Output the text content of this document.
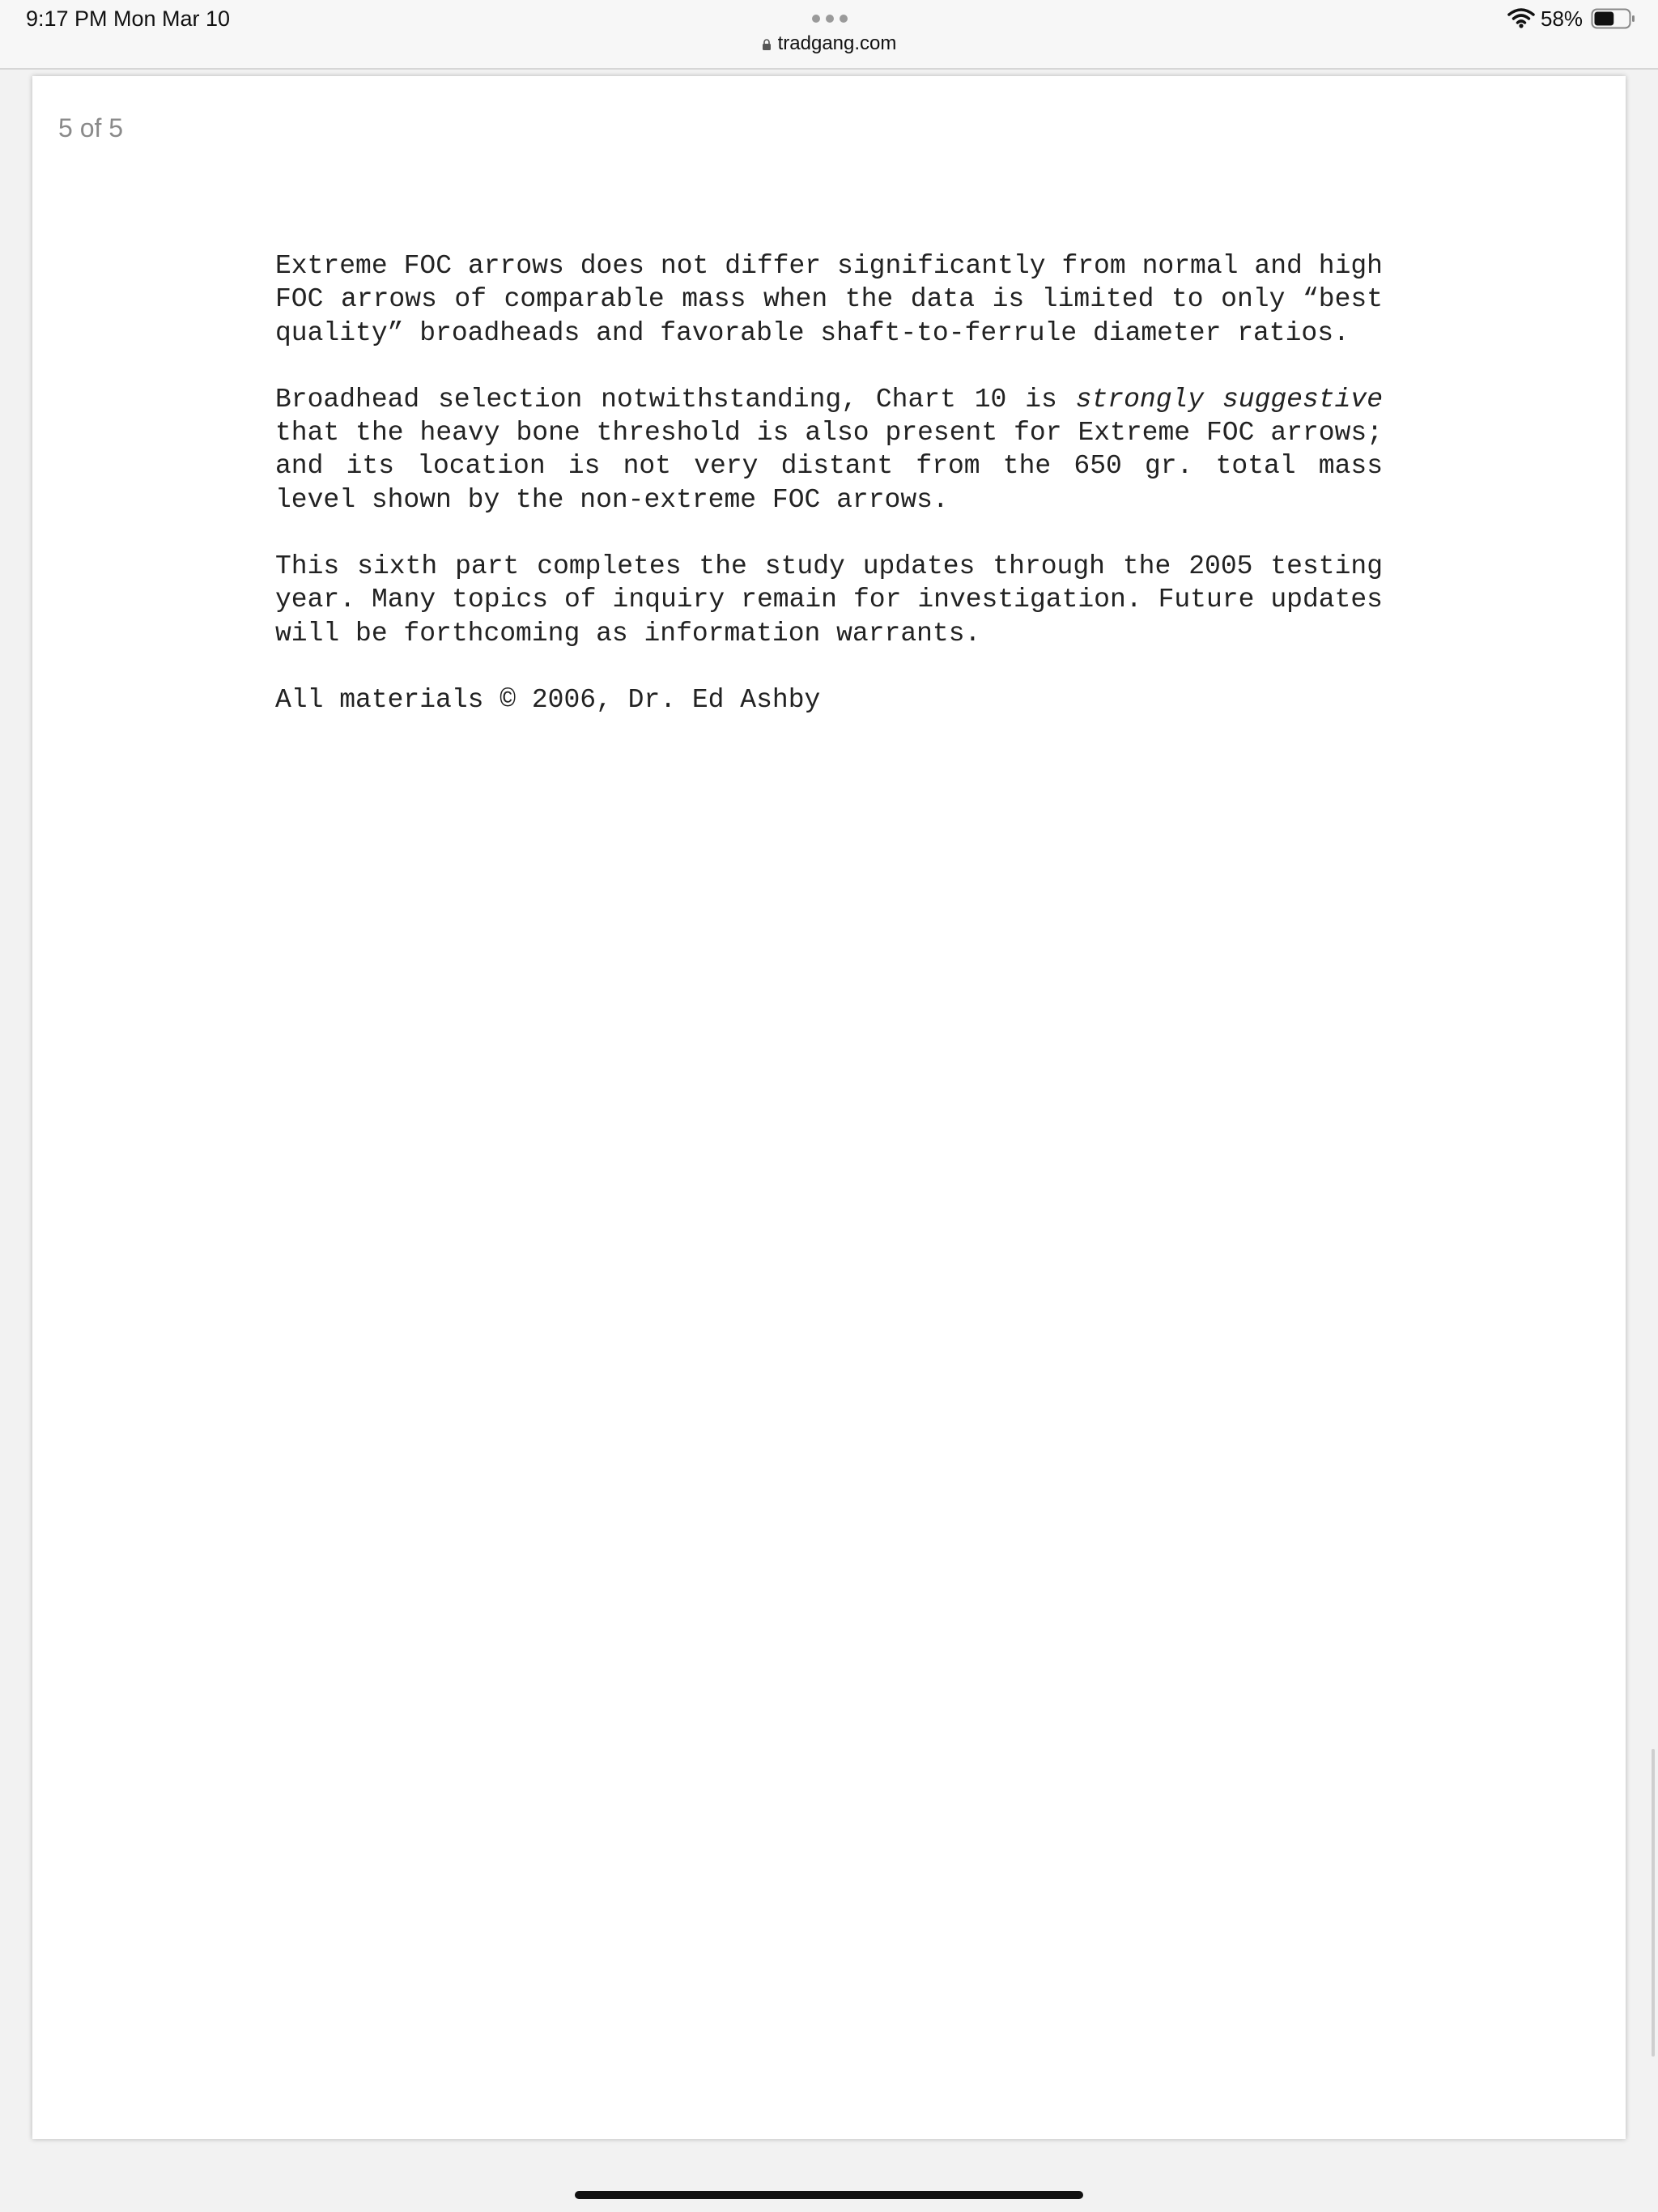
9:17 PM Mon Mar 10
tradgang.com
58%
5 of 5

Extreme FOC arrows does not differ significantly from normal and high FOC arrows of comparable mass when the data is limited to only “best quality” broadheads and favorable shaft-to-ferrule diameter ratios.

Broadhead selection notwithstanding, Chart 10 is strongly suggestive that the heavy bone threshold is also present for Extreme FOC arrows; and its location is not very distant from the 650 gr. total mass level shown by the non-extreme FOC arrows.

This sixth part completes the study updates through the 2005 testing year. Many topics of inquiry remain for investigation. Future updates will be forthcoming as information warrants.

All materials © 2006, Dr. Ed Ashby
